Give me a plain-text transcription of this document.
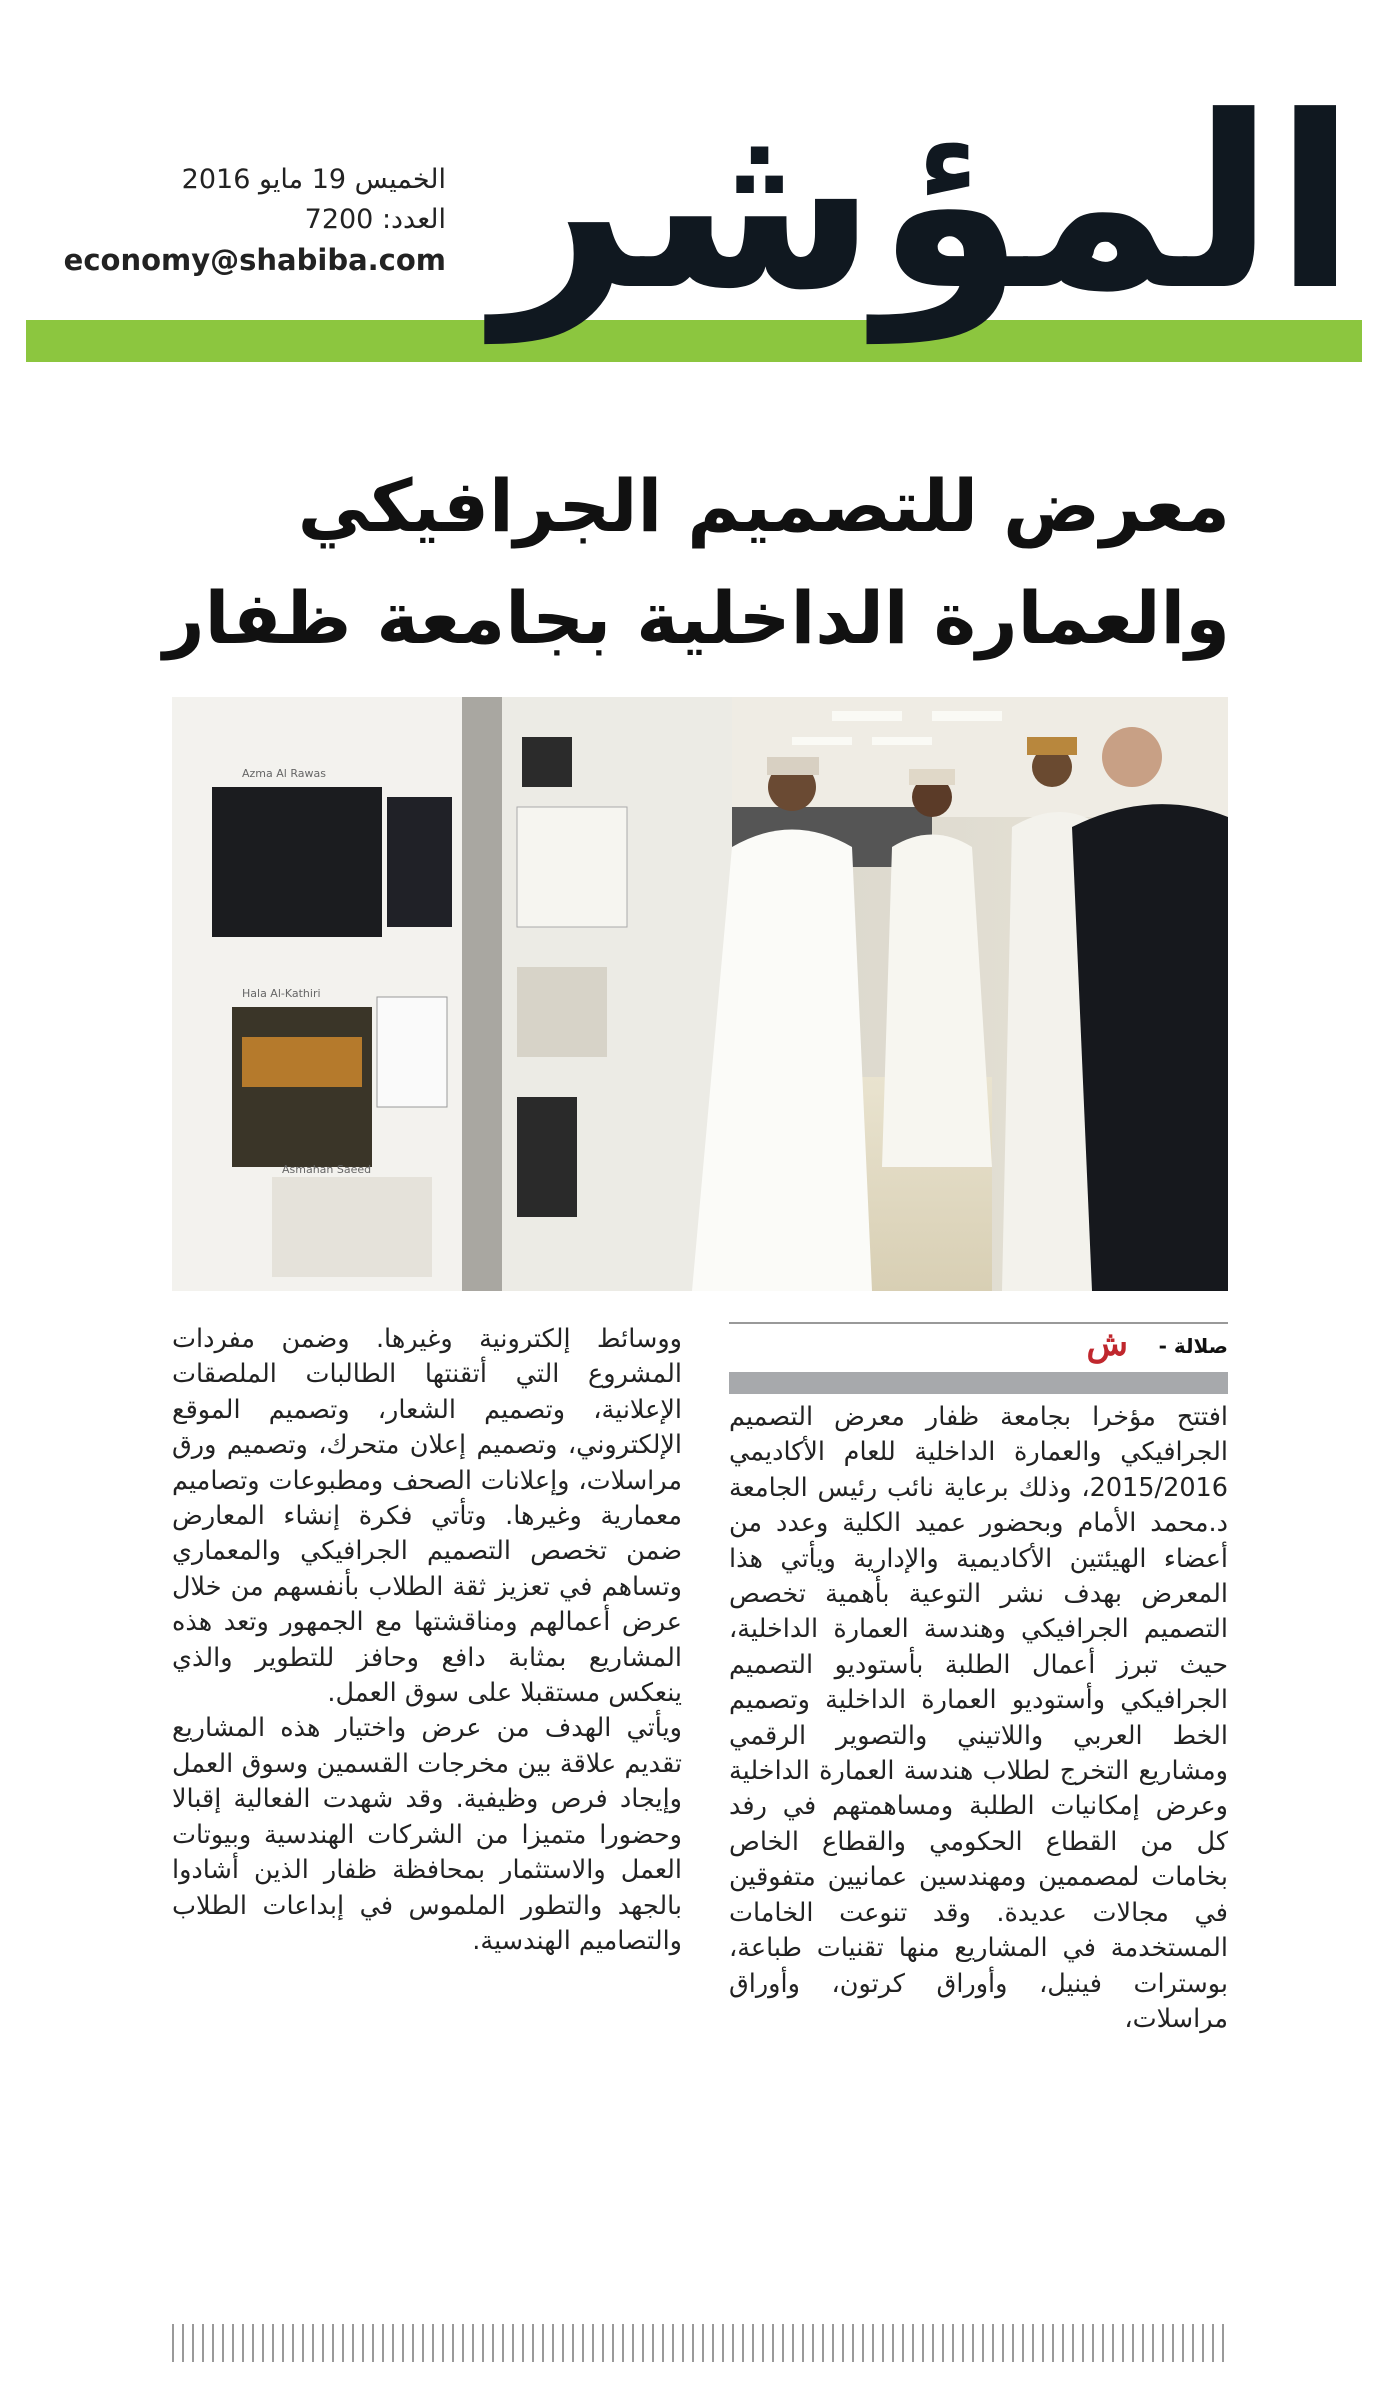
المؤشر
الخميس 19 مايو 2016
العدد: 7200
economy@shabiba.com
معرض للتصميم الجرافيكي
والعمارة الداخلية بجامعة ظفار
Hala Al-Kathiri
Azma Al Rawas
Asmahan Saeed
صلالة -
ش

افتتح مؤخرا بجامعة ظفار معرض التصميم الجرافيكي والعمارة الداخلية للعام الأكاديمي 2015/2016، وذلك برعاية نائب رئيس الجامعة د.محمد الأمام وبحضور عميد الكلية وعدد من أعضاء الهيئتين الأكاديمية والإدارية ويأتي هذا المعرض بهدف نشر التوعية بأهمية تخصص التصميم الجرافيكي وهندسة العمارة الداخلية، حيث تبرز أعمال الطلبة بأستوديو التصميم الجرافيكي وأستوديو العمارة الداخلية وتصميم الخط العربي واللاتيني والتصوير الرقمي ومشاريع التخرج لطلاب هندسة العمارة الداخلية وعرض إمكانيات الطلبة ومساهمتهم في رفد كل من القطاع الحكومي والقطاع الخاص بخامات لمصممين ومهندسين عمانيين متفوقين في مجالات عديدة. وقد تنوعت الخامات المستخدمة في المشاريع منها تقنيات طباعة، بوسترات فينيل، وأوراق كرتون، وأوراق مراسلات،

ووسائط إلكترونية وغيرها. وضمن مفردات المشروع التي أتقنتها الطالبات الملصقات الإعلانية، وتصميم الشعار، وتصميم الموقع الإلكتروني، وتصميم إعلان متحرك، وتصميم ورق مراسلات، وإعلانات الصحف ومطبوعات وتصاميم معمارية وغيرها. وتأتي فكرة إنشاء المعارض ضمن تخصص التصميم الجرافيكي والمعماري وتساهم في تعزيز ثقة الطلاب بأنفسهم من خلال عرض أعمالهم ومناقشتها مع الجمهور وتعد هذه المشاريع بمثابة دافع وحافز للتطوير والذي ينعكس مستقبلا على سوق العمل.
ويأتي الهدف من عرض واختيار هذه المشاريع تقديم علاقة بين مخرجات القسمين وسوق العمل وإيجاد فرص وظيفية. وقد شهدت الفعالية إقبالا وحضورا متميزا من الشركات الهندسية وبيوتات العمل والاستثمار بمحافظة ظفار الذين أشادوا بالجهد والتطور الملموس في إبداعات الطلاب والتصاميم الهندسية.
